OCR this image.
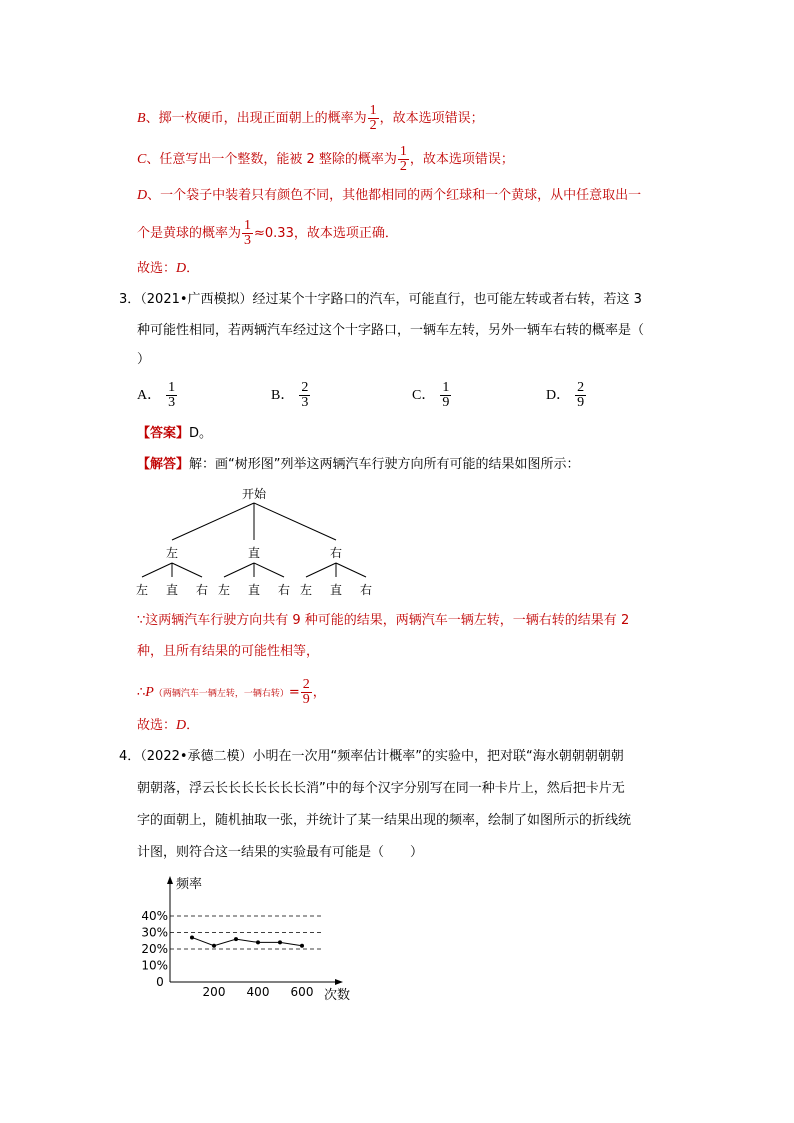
B、掷一枚硬币，出现正面朝上的概率为 $\frac{1}{2}$ ，故本选项错误；
C、任意写出一个整数，能被 2 整除的概率为 $\frac{1}{2}$ ，故本选项错误；
D、一个袋子中装着只有颜色不同，其他都相同的两个红球和一个黄球，从中任意取出一
个是黄球的概率为 $\frac{1}{3} \approx 0.33$，故本选项正确．
故选：D．
3．（2021•广西模拟）经过某个十字路口的汽车，可能直行，也可能左转或者右转，若这 3
种可能性相同，若两辆汽车经过这个十字路口，一辆车左转，另外一辆车右转的概率是（
）
A． $\frac{1}{3}$	B． $\frac{2}{3}$	C． $\frac{1}{9}$	D． $\frac{2}{9}$
【答案】D。
【解答】解：画“树形图”列举这两辆汽车行驶方向所有可能的结果如图所示：
开始
左	直	右
左 直 右 左 直 右 左 直 右
∵这两辆汽车行驶方向共有 9 种可能的结果，两辆汽车一辆左转，一辆右转的结果有 2
种，且所有结果的可能性相等，
∴P（两辆汽车一辆左转，一辆右转）= $\frac{2}{9}$ ，
故选：D．
4．（2022•承德二模）小明在一次用“频率估计概率”的实验中，把对联“海水朝朝朝朝朝
朝朝落，浮云长长长长长长长消”中的每个汉字分别写在同一种卡片上，然后把卡片无
字的面朝上，随机抽取一张，并统计了某一结果出现的频率，绘制了如图所示的折线统
计图，则符合这一结果的实验最有可能是（　　）
频率
次数
0
10%
20%
30%
40%
200 400 600
